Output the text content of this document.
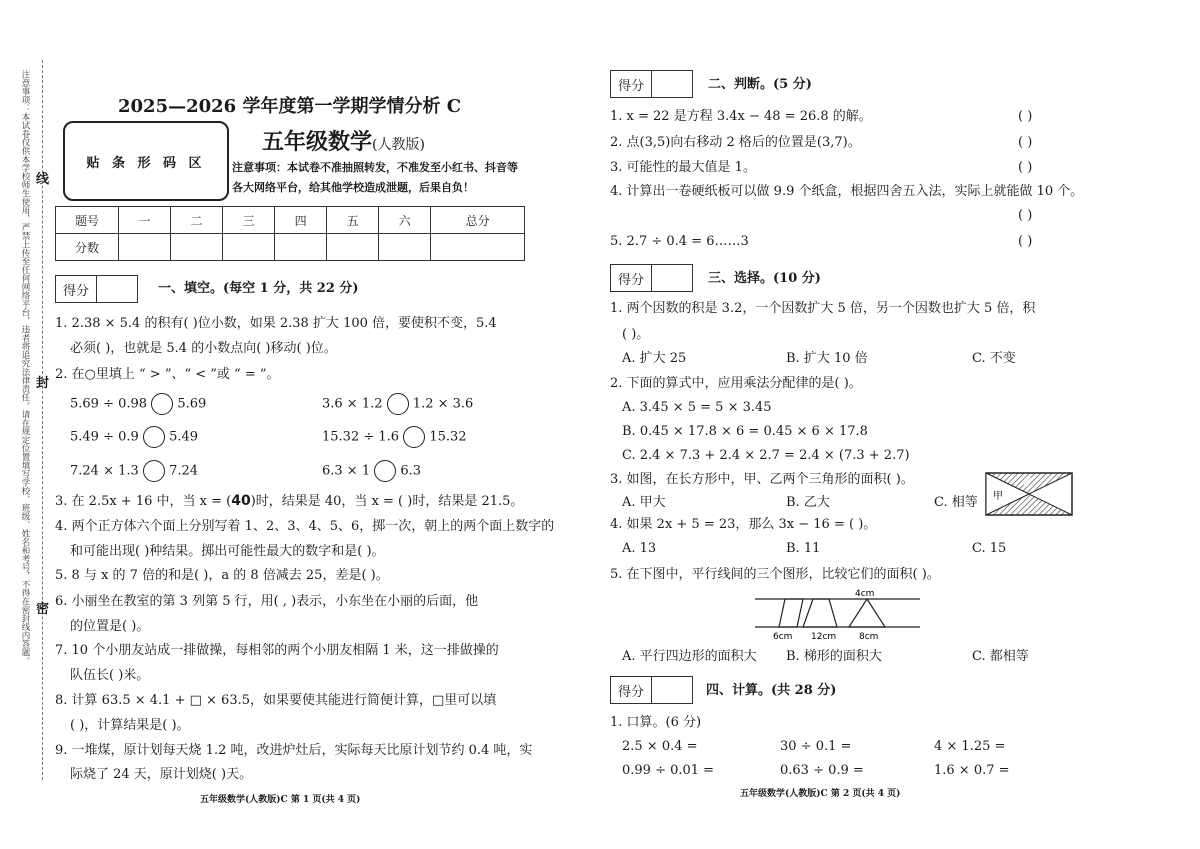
注意事项：本试卷仅供本学校师生使用，严禁上传至任何网络平台，违者将追究法律责任。请在规定位置填写学校、班级、姓名和考号，不得在密封线内答题。 线
封
密
2025—2026 学年度第一学期学情分析 C
贴 条 形 码 区
五年级数学(人教版)
注意事项：本试卷不准抽照转发，不准发至小红书、抖音等各大网络平台，给其他学校造成泄题，后果自负！
题号	一	二	三	四	五	六	总分
分数							
得分	一、填空。(每空 1 分，共 22 分)
1. 2.38 × 5.4 的积有( )位小数，如果 2.38 扩大 100 倍，要使积不变，5.4
必须( )，也就是 5.4 的小数点向( )移动( )位。
2. 在○里填上 “ > ”、“ < ”或 “ = ”。
5.69 ÷ 0.98 5.69	3.6 × 1.2 1.2 × 3.6
5.49 ÷ 0.9 5.49	15.32 ÷ 1.6 15.32
7.24 × 1.3 7.24	6.3 × 1 6.3
3. 在 2.5x + 16 中，当 x = (40)时，结果是 40，当 x = ( )时，结果是 21.5。
4. 两个正方体六个面上分别写着 1、2、3、4、5、6，掷一次，朝上的两个面上数字的
和可能出现( )种结果。掷出可能性最大的数字和是( )。
5. 8 与 x 的 7 倍的和是( )，a 的 8 倍减去 25，差是( )。
6. 小丽坐在教室的第 3 列第 5 行，用( , )表示，小东坐在小丽的后面，他
的位置是( )。
7. 10 个小朋友站成一排做操，每相邻的两个小朋友相隔 1 米，这一排做操的
队伍长( )米。
8. 计算 63.5 × 4.1 + □ × 63.5，如果要使其能进行简便计算，□里可以填
( )，计算结果是( )。
9. 一堆煤，原计划每天烧 1.2 吨，改进炉灶后，实际每天比原计划节约 0.4 吨，实
际烧了 24 天，原计划烧( )天。
五年级数学(人教版)C 第 1 页(共 4 页)
得分	二、判断。(5 分)
1. x = 22 是方程 3.4x − 48 = 26.8 的解。	( )
2. 点(3,5)向右移动 2 格后的位置是(3,7)。	( )
3. 可能性的最大值是 1。	( )
4. 计算出一卷硬纸板可以做 9.9 个纸盒，根据四舍五入法，实际上就能做 10 个。
( )
5. 2.7 ÷ 0.4 = 6……3	( )
得分	三、选择。(10 分)
1. 两个因数的积是 3.2，一个因数扩大 5 倍，另一个因数也扩大 5 倍，积
( )。
A. 扩大 25	B. 扩大 10 倍	C. 不变
2. 下面的算式中，应用乘法分配律的是( )。
A. 3.45 × 5 = 5 × 3.45
B. 0.45 × 17.8 × 6 = 0.45 × 6 × 17.8
C. 2.4 × 7.3 + 2.4 × 2.7 = 2.4 × (7.3 + 2.7)
3. 如图，在长方形中，甲、乙两个三角形的面积( )。
A. 甲大	B. 乙大	C. 相等 甲
乙
4. 如果 2x + 5 = 23，那么 3x − 16 = ( )。
A. 13	B. 11	C. 15
5. 在下图中，平行线间的三个图形，比较它们的面积( )。
4cm
6cm 12cm	8cm
A. 平行四边形的面积大 B. 梯形的面积大	C. 都相等
得分	四、计算。(共 28 分)
1. 口算。(6 分)
2.5 × 0.4 =	30 ÷ 0.1 =	4 × 1.25 =
0.99 ÷ 0.01 =	0.63 ÷ 0.9 =	1.6 × 0.7 =
五年级数学(人教版)C 第 2 页(共 4 页)
